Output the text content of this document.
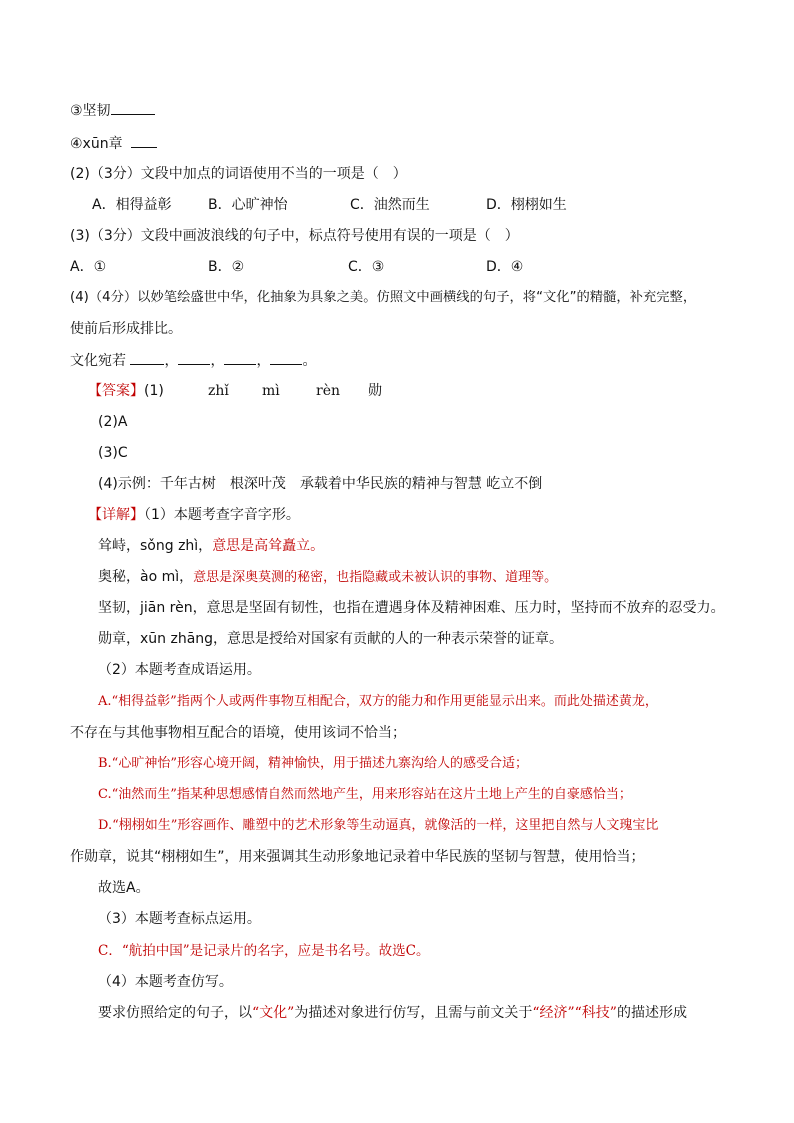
③坚韧
④xūn章
(2)（3分）文段中加点的词语使用不当的一项是（　）
A．相得益彰	B．心旷神怡	C．油然而生	D．栩栩如生
(3)（3分）文段中画波浪线的句子中，标点符号使用有误的一项是（　）
A．①	B．②	C．③	D．④
(4)（4分）以妙笔绘盛世中华，化抽象为具象之美。仿照文中画横线的句子，将“文化”的精髓，补充完整，
使前后形成排比。
文化宛若	， ， ， 。
【答案】(1)	zhǐ mì	rèn 勋
(2)A
(3)C
(4)示例：千年古树　根深叶茂　承载着中华民族的精神与智慧 屹立不倒
【详解】（1）本题考查字音字形。
耸峙，sǒng zhì，意思是高耸矗立。
奥秘，ào mì，意思是深奥莫测的秘密，也指隐藏或未被认识的事物、道理等。
坚韧，jiān rèn，意思是坚固有韧性，也指在遭遇身体及精神困难、压力时，坚持而不放弃的忍受力。
勋章，xūn zhāng，意思是授给对国家有贡献的人的一种表示荣誉的证章。
（2）本题考查成语运用。
A.“相得益彰”指两个人或两件事物互相配合，双方的能力和作用更能显示出来。而此处描述黄龙，
不存在与其他事物相互配合的语境，使用该词不恰当；
B.“心旷神怡”形容心境开阔，精神愉快，用于描述九寨沟给人的感受合适；
C.“油然而生”指某种思想感情自然而然地产生，用来形容站在这片土地上产生的自豪感恰当；
D.“栩栩如生”形容画作、雕塑中的艺术形象等生动逼真，就像活的一样，这里把自然与人文瑰宝比
作勋章，说其“栩栩如生”，用来强调其生动形象地记录着中华民族的坚韧与智慧，使用恰当；
故选A。
（3）本题考查标点运用。
C．“航拍中国”是记录片的名字，应是书名号。故选C。
（4）本题考查仿写。
要求仿照给定的句子，以“文化”为描述对象进行仿写，且需与前文关于“经济”“科技”的描述形成
